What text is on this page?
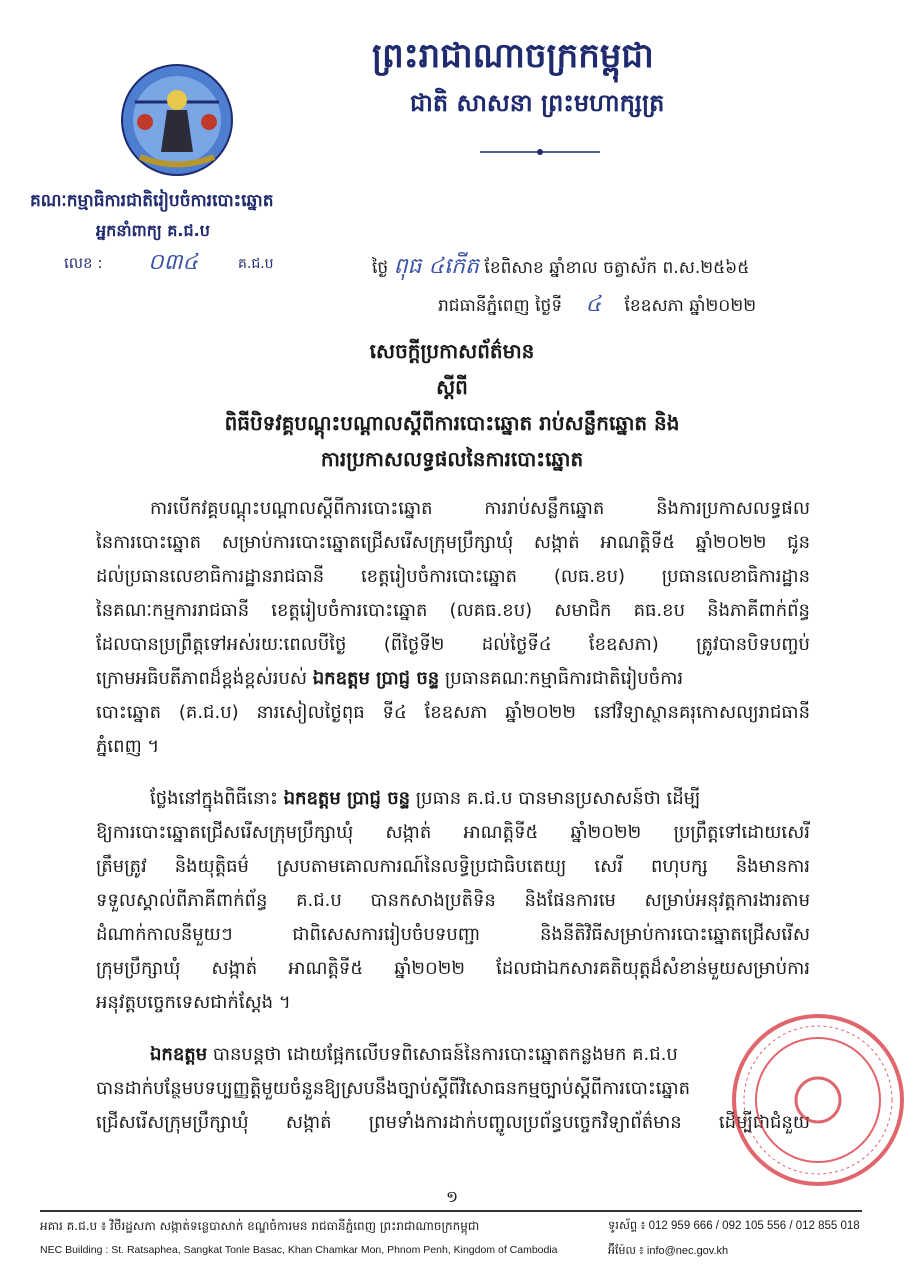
ព្រះរាជាណាចក្រកម្ពុជា
ជាតិ សាសនា ព្រះមហាក្សត្រ
គណៈកម្មាធិការជាតិរៀបចំការបោះឆ្នោត
អ្នកនាំពាក្យ គ.ជ.ប
លេខ : ០៣៤	គ.ជ.ប	ថ្ងៃ ពុធ ៤កើត ខែពិសាខ ឆ្នាំខាល ចត្វាស័ក ព.ស.២៥៦៥
រាជធានីភ្នំពេញ ថ្ងៃទី ៤ ខែឧសភា ឆ្នាំ២០២២
សេចក្តីប្រកាសព័ត៌មាន
ស្តីពី
ពិធីបិទវគ្គបណ្តុះបណ្តាលស្តីពីការបោះឆ្នោត រាប់សន្លឹកឆ្នោត និង
ការប្រកាសលទ្ធផលនៃការបោះឆ្នោត
ការបើកវគ្គបណ្តុះបណ្តាលស្តីពីការបោះឆ្នោត ការរាប់សន្លឹកឆ្នោត និងការប្រកាសលទ្ធផល
នៃការបោះឆ្នោត សម្រាប់ការបោះឆ្នោតជ្រើសរើសក្រុមប្រឹក្សាឃុំ សង្កាត់ អាណត្តិទី៥ ឆ្នាំ២០២២ ជូន
ដល់ប្រធានលេខាធិការដ្ឋានរាជធានី ខេត្តរៀបចំការបោះឆ្នោត (លធ.ខប) ប្រធានលេខាធិការដ្ឋាន
នៃគណៈកម្មការរាជធានី ខេត្តរៀបចំការបោះឆ្នោត (លគធ.ខប) សមាជិក គធ.ខប និងភាគីពាក់ព័ន្ធ
ដែលបានប្រព្រឹត្តទៅអស់រយៈពេលបីថ្ងៃ (ពីថ្ងៃទី២ ដល់ថ្ងៃទី៤ ខែឧសភា) ត្រូវបានបិទបញ្ចប់
ក្រោមអធិបតីភាពដ៏ខ្ពង់ខ្ពស់របស់ ឯកឧត្តម ប្រាជ្ញ ចន្ទ ប្រធានគណៈកម្មាធិការជាតិរៀបចំការ
បោះឆ្នោត (គ.ជ.ប) នារសៀលថ្ងៃពុធ ទី៤ ខែឧសភា ឆ្នាំ២០២២ នៅវិទ្យាស្ថានគរុកោសល្យរាជធានី
ភ្នំពេញ ។
ថ្លែងនៅក្នុងពិធីនោះ ឯកឧត្តម ប្រាជ្ញ ចន្ទ ប្រធាន គ.ជ.ប បានមានប្រសាសន៍ថា ដើម្បី
ឱ្យការបោះឆ្នោតជ្រើសរើសក្រុមប្រឹក្សាឃុំ សង្កាត់ អាណត្តិទី៥ ឆ្នាំ២០២២ ប្រព្រឹត្តទៅដោយសេរី
ត្រឹមត្រូវ និងយុត្តិធម៌ ស្របតាមគោលការណ៍នៃលទ្ធិប្រជាធិបតេយ្យ សេរី ពហុបក្ស និងមានការ
ទទួលស្គាល់ពីភាគីពាក់ព័ន្ធ គ.ជ.ប បានកសាងប្រតិទិន និងផែនការមេ សម្រាប់អនុវត្តការងារតាម
ដំណាក់កាលនីមួយៗ ជាពិសេសការរៀបចំបទបញ្ជា និងនីតិវិធីសម្រាប់ការបោះឆ្នោតជ្រើសរើស
ក្រុមប្រឹក្សាឃុំ សង្កាត់ អាណត្តិទី៥ ឆ្នាំ២០២២ ដែលជាឯកសារគតិយុត្តដ៏សំខាន់មួយសម្រាប់ការ
អនុវត្តបច្ចេកទេសជាក់ស្តែង ។
ឯកឧត្តម បានបន្តថា ដោយផ្អែកលើបទពិសោធន៍នៃការបោះឆ្នោតកន្លងមក គ.ជ.ប
បានដាក់បន្ថែមបទប្បញ្ញត្តិមួយចំនួនឱ្យស្របនឹងច្បាប់ស្តីពីវិសោធនកម្មច្បាប់ស្តីពីការបោះឆ្នោត
ជ្រើសរើសក្រុមប្រឹក្សាឃុំ សង្កាត់ ព្រមទាំងការដាក់បញ្ចូលប្រព័ន្ធបច្ចេកវិទ្យាព័ត៌មាន ដើម្បីជាជំនួយ
១
អគារ គ.ជ.ប ៖ វិថីរដ្ឋសភា សង្កាត់ទន្លេបាសាក់ ខណ្ឌចំការមន រាជធានីភ្នំពេញ ព្រះរាជាណាចក្រកម្ពុជា
NEC Building : St. Ratsaphea, Sangkat Tonle Basac, Khan Chamkar Mon, Phnom Penh, Kingdom of Cambodia
ទូរស័ព្ទ ៖ 012 959 666 / 092 105 556 / 012 855 018
អ៊ីម៉ែល ៖ info@nec.gov.kh
